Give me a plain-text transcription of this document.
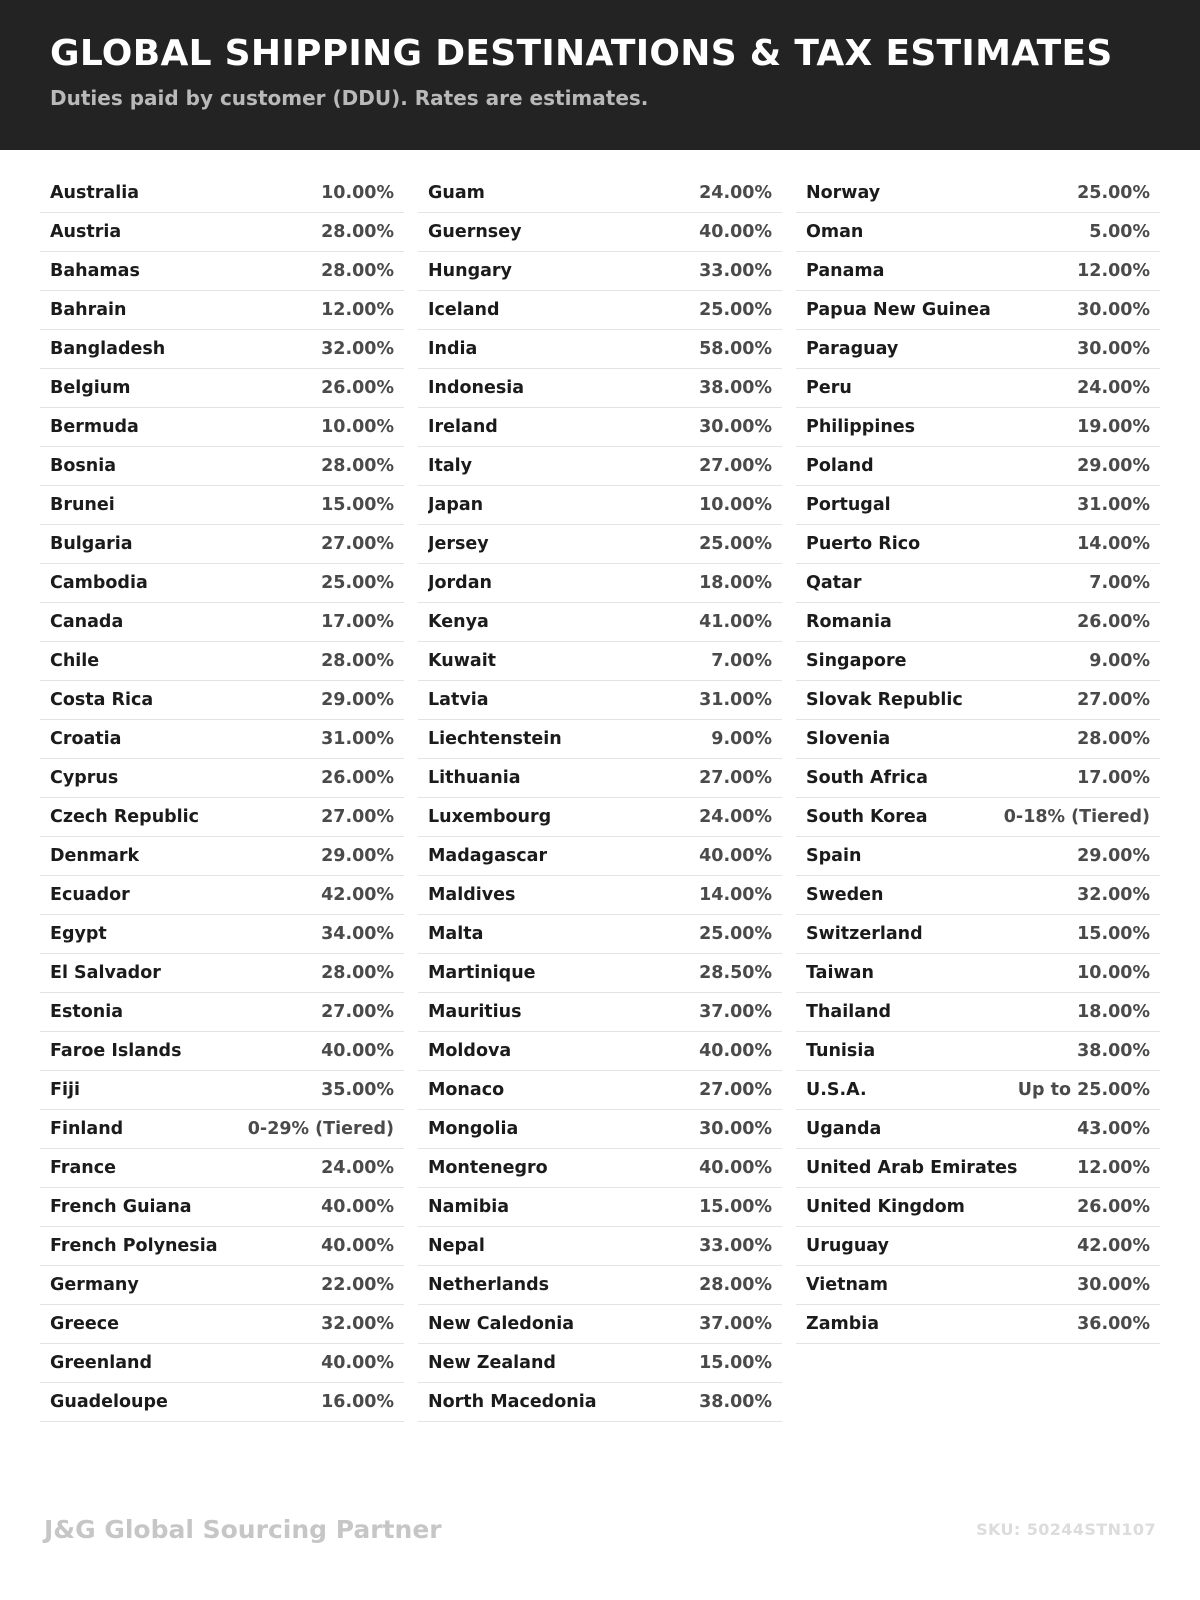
GLOBAL SHIPPING DESTINATIONS & TAX ESTIMATES

Duties paid by customer (DDU). Rates are estimates.

Australia	10.00%
Austria	28.00%
Bahamas	28.00%
Bahrain	12.00%
Bangladesh	32.00%
Belgium	26.00%
Bermuda	10.00%
Bosnia	28.00%
Brunei	15.00%
Bulgaria	27.00%
Cambodia	25.00%
Canada	17.00%
Chile	28.00%
Costa Rica	29.00%
Croatia	31.00%
Cyprus	26.00%
Czech Republic	27.00%
Denmark	29.00%
Ecuador	42.00%
Egypt	34.00%
El Salvador	28.00%
Estonia	27.00%
Faroe Islands	40.00%
Fiji	35.00%
Finland	0-29% (Tiered)
France	24.00%
French Guiana	40.00%
French Polynesia	40.00%
Germany	22.00%
Greece	32.00%
Greenland	40.00%
Guadeloupe	16.00%
Guam	24.00%
Guernsey	40.00%
Hungary	33.00%
Iceland	25.00%
India	58.00%
Indonesia	38.00%
Ireland	30.00%
Italy	27.00%
Japan	10.00%
Jersey	25.00%
Jordan	18.00%
Kenya	41.00%
Kuwait	7.00%
Latvia	31.00%
Liechtenstein	9.00%
Lithuania	27.00%
Luxembourg	24.00%
Madagascar	40.00%
Maldives	14.00%
Malta	25.00%
Martinique	28.50%
Mauritius	37.00%
Moldova	40.00%
Monaco	27.00%
Mongolia	30.00%
Montenegro	40.00%
Namibia	15.00%
Nepal	33.00%
Netherlands	28.00%
New Caledonia	37.00%
New Zealand	15.00%
North Macedonia	38.00%
Norway	25.00%
Oman	5.00%
Panama	12.00%
Papua New Guinea	30.00%
Paraguay	30.00%
Peru	24.00%
Philippines	19.00%
Poland	29.00%
Portugal	31.00%
Puerto Rico	14.00%
Qatar	7.00%
Romania	26.00%
Singapore	9.00%
Slovak Republic	27.00%
Slovenia	28.00%
South Africa	17.00%
South Korea	0-18% (Tiered)
Spain	29.00%
Sweden	32.00%
Switzerland	15.00%
Taiwan	10.00%
Thailand	18.00%
Tunisia	38.00%
U.S.A.	Up to 25.00%
Uganda	43.00%
United Arab Emirates	12.00%
United Kingdom	26.00%
Uruguay	42.00%
Vietnam	30.00%
Zambia	36.00%
J&G Global Sourcing Partner	SKU: 50244STN107
